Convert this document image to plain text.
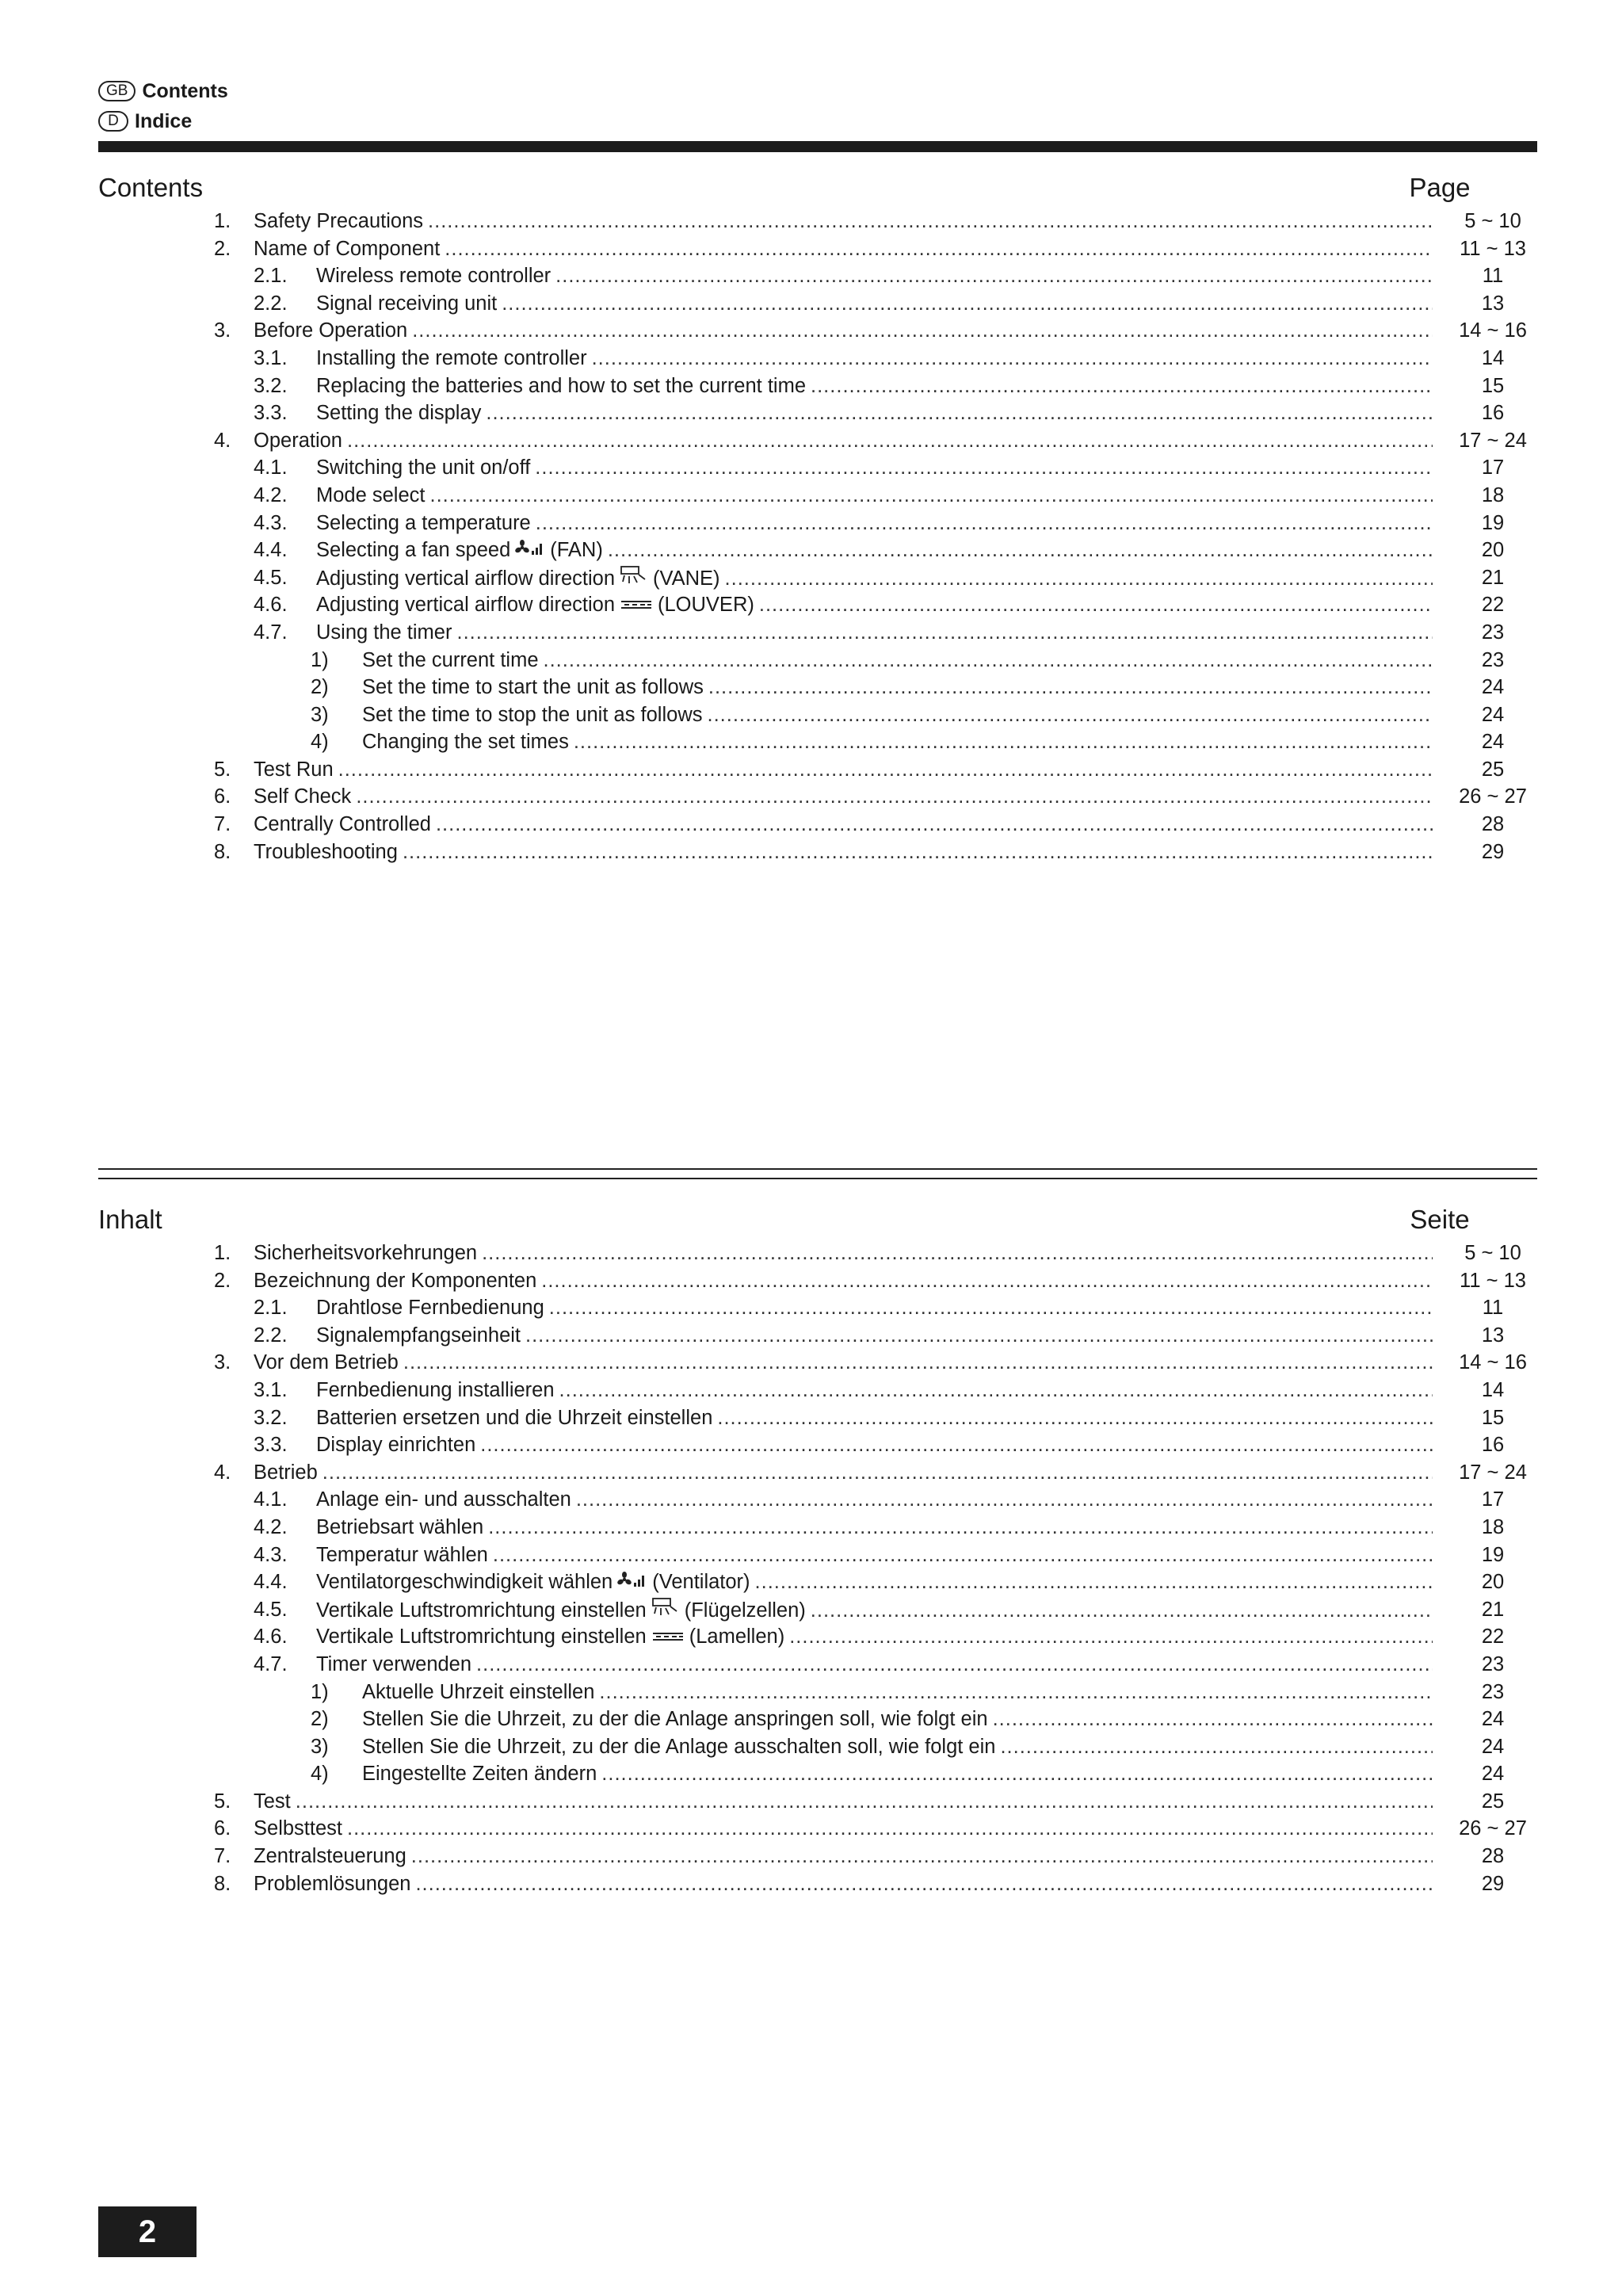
GB Contents
D Indice
Contents	Page
1.	Safety Precautions .....	5 ~ 10
2.	Name of Component .....	11 ~ 13
2.1.	Wireless remote controller .....	11
2.2.	Signal receiving unit .....	13
3.	Before Operation .....	14 ~ 16
3.1.	Installing the remote controller .....	14
3.2.	Replacing the batteries and how to set the current time .....	15
3.3.	Setting the display .....	16
4.	Operation .....	17 ~ 24
4.1.	Switching the unit on/off .....	17
4.2.	Mode select .....	18
4.3.	Selecting a temperature .....	19
4.4.	Selecting a fan speed (FAN) .....	20
4.5.	Adjusting vertical airflow direction (VANE) .....	21
4.6.	Adjusting vertical airflow direction (LOUVER) .....	22
4.7.	Using the timer .....	23
1) Set the current time .....	23
2) Set the time to start the unit as follows .....	24
3) Set the time to stop the unit as follows .....	24
4) Changing the set times .....	24
5.	Test Run .....	25
6.	Self Check .....	26 ~ 27
7.	Centrally Controlled .....	28
8.	Troubleshooting .....	29
Inhalt	Seite
1.	Sicherheitsvorkehrungen .....	5 ~ 10
2.	Bezeichnung der Komponenten .....	11 ~ 13
2.1.	Drahtlose Fernbedienung .....	11
2.2.	Signalempfangseinheit .....	13
3.	Vor dem Betrieb .....	14 ~ 16
3.1.	Fernbedienung installieren .....	14
3.2.	Batterien ersetzen und die Uhrzeit einstellen .....	15
3.3.	Display einrichten .....	16
4.	Betrieb .....	17 ~ 24
4.1.	Anlage ein- und ausschalten .....	17
4.2.	Betriebsart wählen .....	18
4.3.	Temperatur wählen .....	19
4.4.	Ventilatorgeschwindigkeit wählen (Ventilator) .....	20
4.5.	Vertikale Luftstromrichtung einstellen (Flügelzellen) .....	21
4.6.	Vertikale Luftstromrichtung einstellen (Lamellen) .....	22
4.7.	Timer verwenden .....	23
1) Aktuelle Uhrzeit einstellen .....	23
2) Stellen Sie die Uhrzeit, zu der die Anlage anspringen soll, wie folgt ein .....	24
3) Stellen Sie die Uhrzeit, zu der die Anlage ausschalten soll, wie folgt ein .....	24
4) Eingestellte Zeiten ändern .....	24
5.	Test .....	25
6.	Selbsttest .....	26 ~ 27
7.	Zentralsteuerung .....	28
8.	Problemlösungen .....	29
2
